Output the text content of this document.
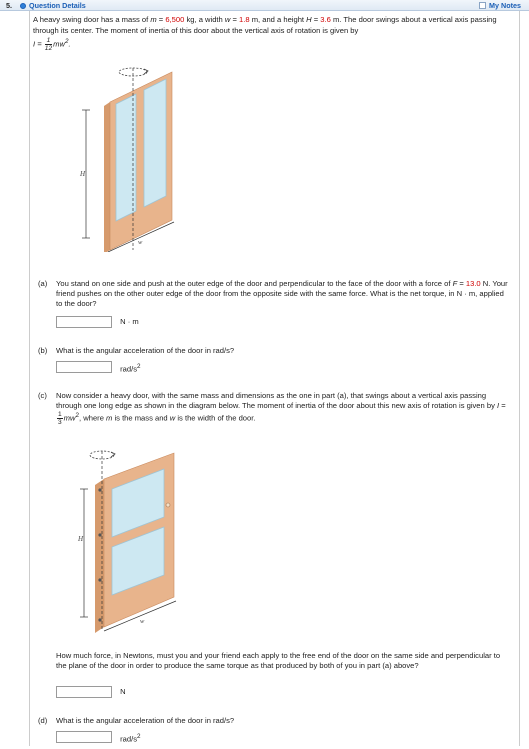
5.	Question Details	My Notes
A heavy swing door has a mass of m = 6,500 kg, a width w = 1.8 m, and a height H = 3.6 m. The door swings about a vertical axis passing through its center. The moment of inertia of this door about the vertical axis of rotation is given by
$I = \frac{1}{12} mw^2$.
H
w
(a) You stand on one side and push at the outer edge of the door and perpendicular to the face of the door with a force of F = 13.0 N. Your friend pushes on the other outer edge of the door from the opposite side with the same force. What is the net torque, in N · m, applied to the door?
N · m
(b) What is the angular acceleration of the door in rad/s?
rad/$s^2$
(c) Now consider a heavy door, with the same mass and dimensions as the one in part (a), that swings about a vertical axis passing through one long edge as shown in the diagram below. The moment of inertia of the door about this new axis of rotation is given by I =
$\frac{1}{3} mw^2$, where m is the mass and w is the width of the door.
H
w
How much force, in Newtons, must you and your friend each apply to the free end of the door on the same side and perpendicular to the plane of the door in order to produce the same torque as that produced by both of you in part (a) above?
N
(d) What is the angular acceleration of the door in rad/s?
rad/$s^2$
